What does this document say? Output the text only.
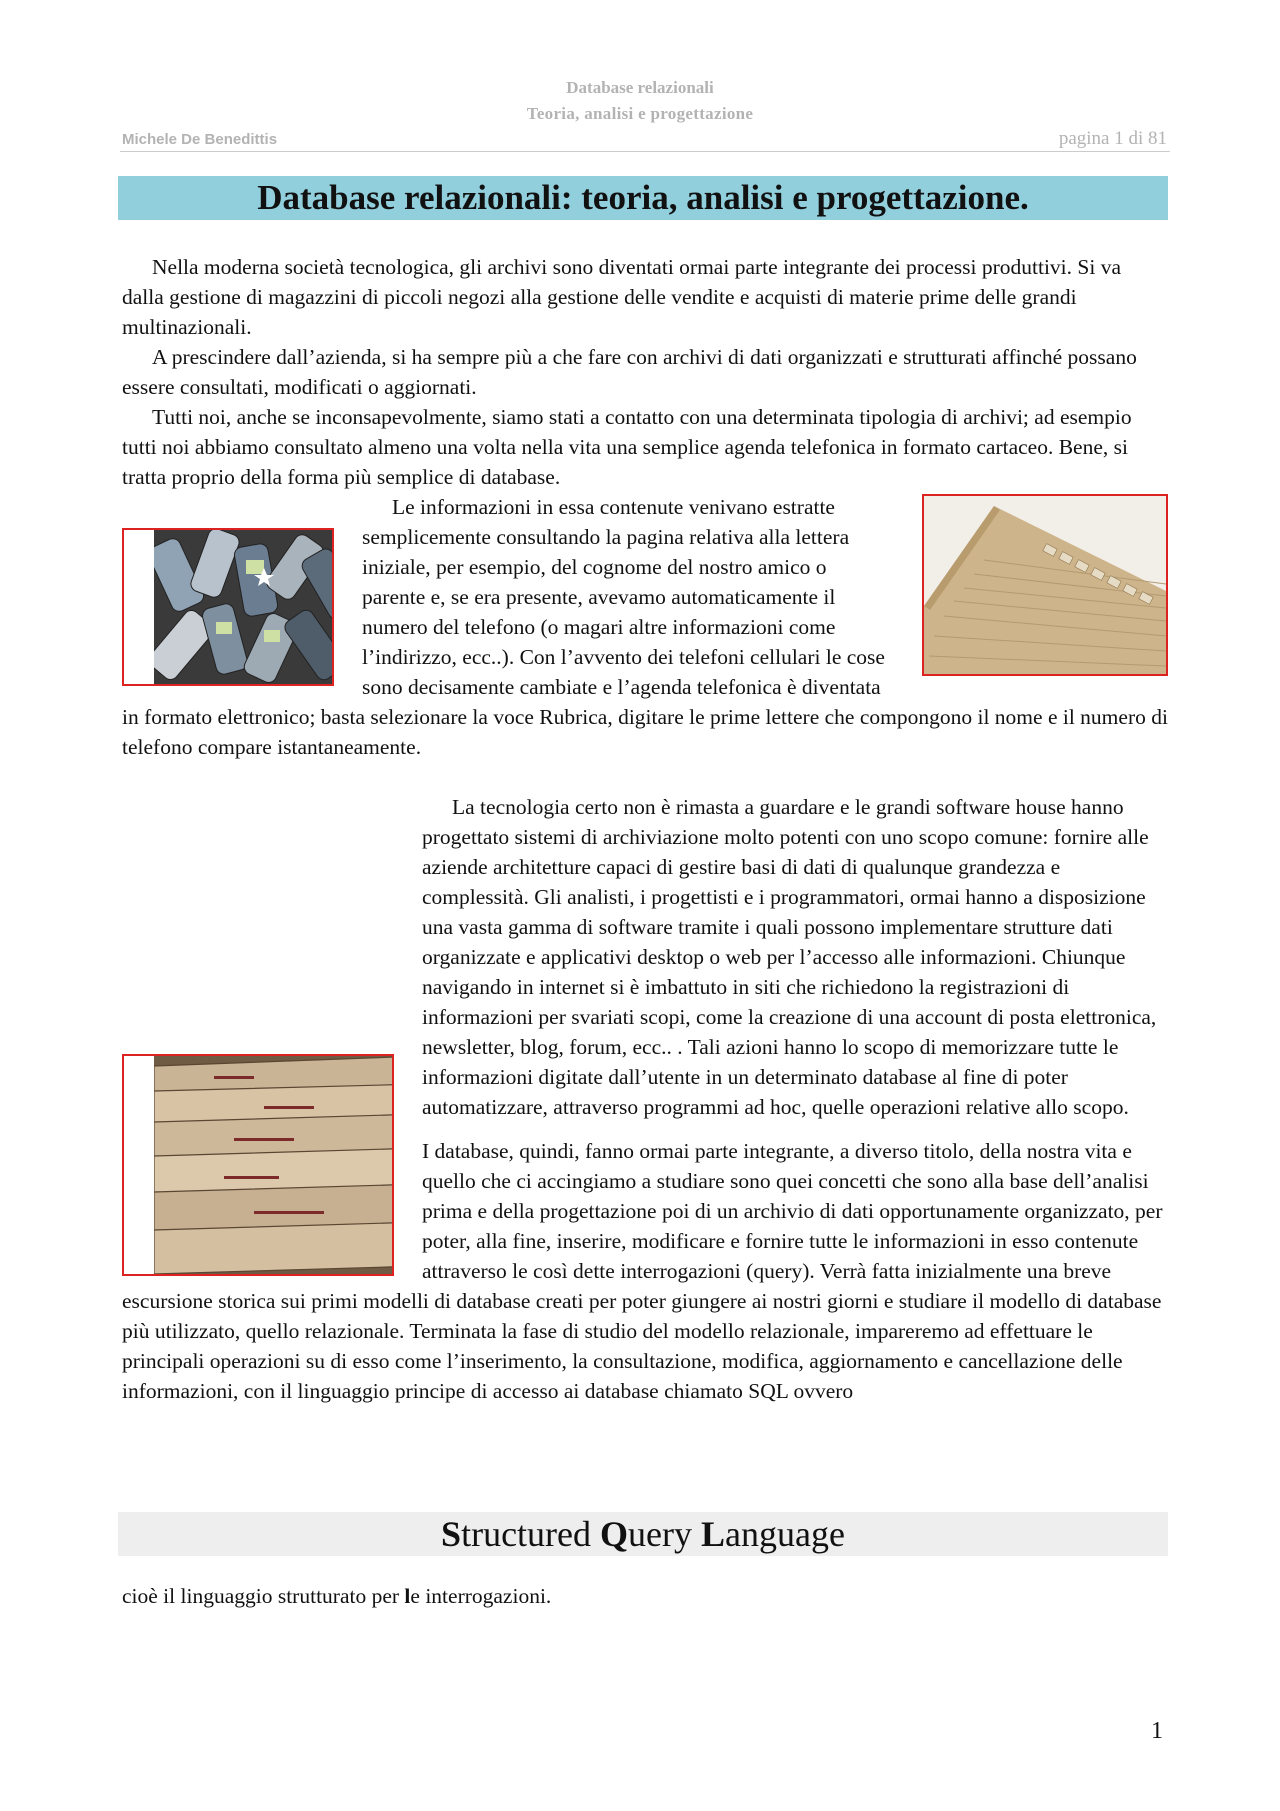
Database relazionali
Teoria, analisi e progettazione
Michele De Benedittis	pagina 1 di 81
Database relazionali: teoria, analisi e progettazione.

Nella moderna società tecnologica, gli archivi sono diventati ormai parte integrante dei processi produttivi. Si va dalla gestione di magazzini di piccoli negozi alla gestione delle vendite e acquisti di materie prime delle grandi multinazionali.

A prescindere dall’azienda, si ha sempre più a che fare con archivi di dati organizzati e strutturati affinché possano essere consultati, modificati o aggiornati.

Tutti noi, anche se inconsapevolmente, siamo stati a contatto con una determinata tipologia di archivi; ad esempio tutti noi abbiamo consultato almeno una volta nella vita una semplice agenda telefonica in formato cartaceo. Bene, si tratta proprio della forma più semplice di database.

Le informazioni in essa contenute venivano estratte semplicemente consultando la pagina relativa alla lettera iniziale, per esempio, del cognome del nostro amico o parente e, se era presente, avevamo automaticamente il numero del telefono (o magari altre informazioni come l’indirizzo, ecc..). Con l’avvento dei telefoni cellulari le cose sono decisamente cambiate e l’agenda telefonica è diventata in formato elettronico; basta selezionare la voce Rubrica, digitare le prime lettere che compongono il nome e il numero di telefono compare istantaneamente.

La tecnologia certo non è rimasta a guardare e le grandi software house hanno progettato sistemi di archiviazione molto potenti con uno scopo comune: fornire alle aziende architetture capaci di gestire basi di dati di qualunque grandezza e complessità. Gli analisti, i progettisti e i programmatori, ormai hanno a disposizione una vasta gamma di software tramite i quali possono implementare strutture dati organizzate e applicativi desktop o web per l’accesso alle informazioni. Chiunque navigando in internet si è imbattuto in siti che richiedono la registrazioni di informazioni per svariati scopi, come la creazione di una account di posta elettronica, newsletter, blog, forum, ecc.. . Tali azioni hanno lo scopo di memorizzare tutte le informazioni digitate dall’utente in un determinato database al fine di poter automatizzare, attraverso programmi ad hoc, quelle operazioni relative allo scopo.

I database, quindi, fanno ormai parte integrante, a diverso titolo, della nostra vita e quello che ci accingiamo a studiare sono quei concetti che sono alla base dell’analisi prima e della progettazione poi di un archivio di dati opportunamente organizzato, per poter, alla fine, inserire, modificare e fornire tutte le informazioni in esso contenute attraverso le così dette interrogazioni (query). Verrà fatta inizialmente una breve escursione storica sui primi modelli di database creati per poter giungere ai nostri giorni e studiare il modello di database più utilizzato, quello relazionale. Terminata la fase di studio del modello relazionale, impareremo ad effettuare le principali operazioni su di esso come l’inserimento, la consultazione, modifica, aggiornamento e cancellazione delle informazioni, con il linguaggio principe di accesso ai database chiamato SQL ovvero

Structured Query Language
cioè il linguaggio strutturato per le interrogazioni.
1
